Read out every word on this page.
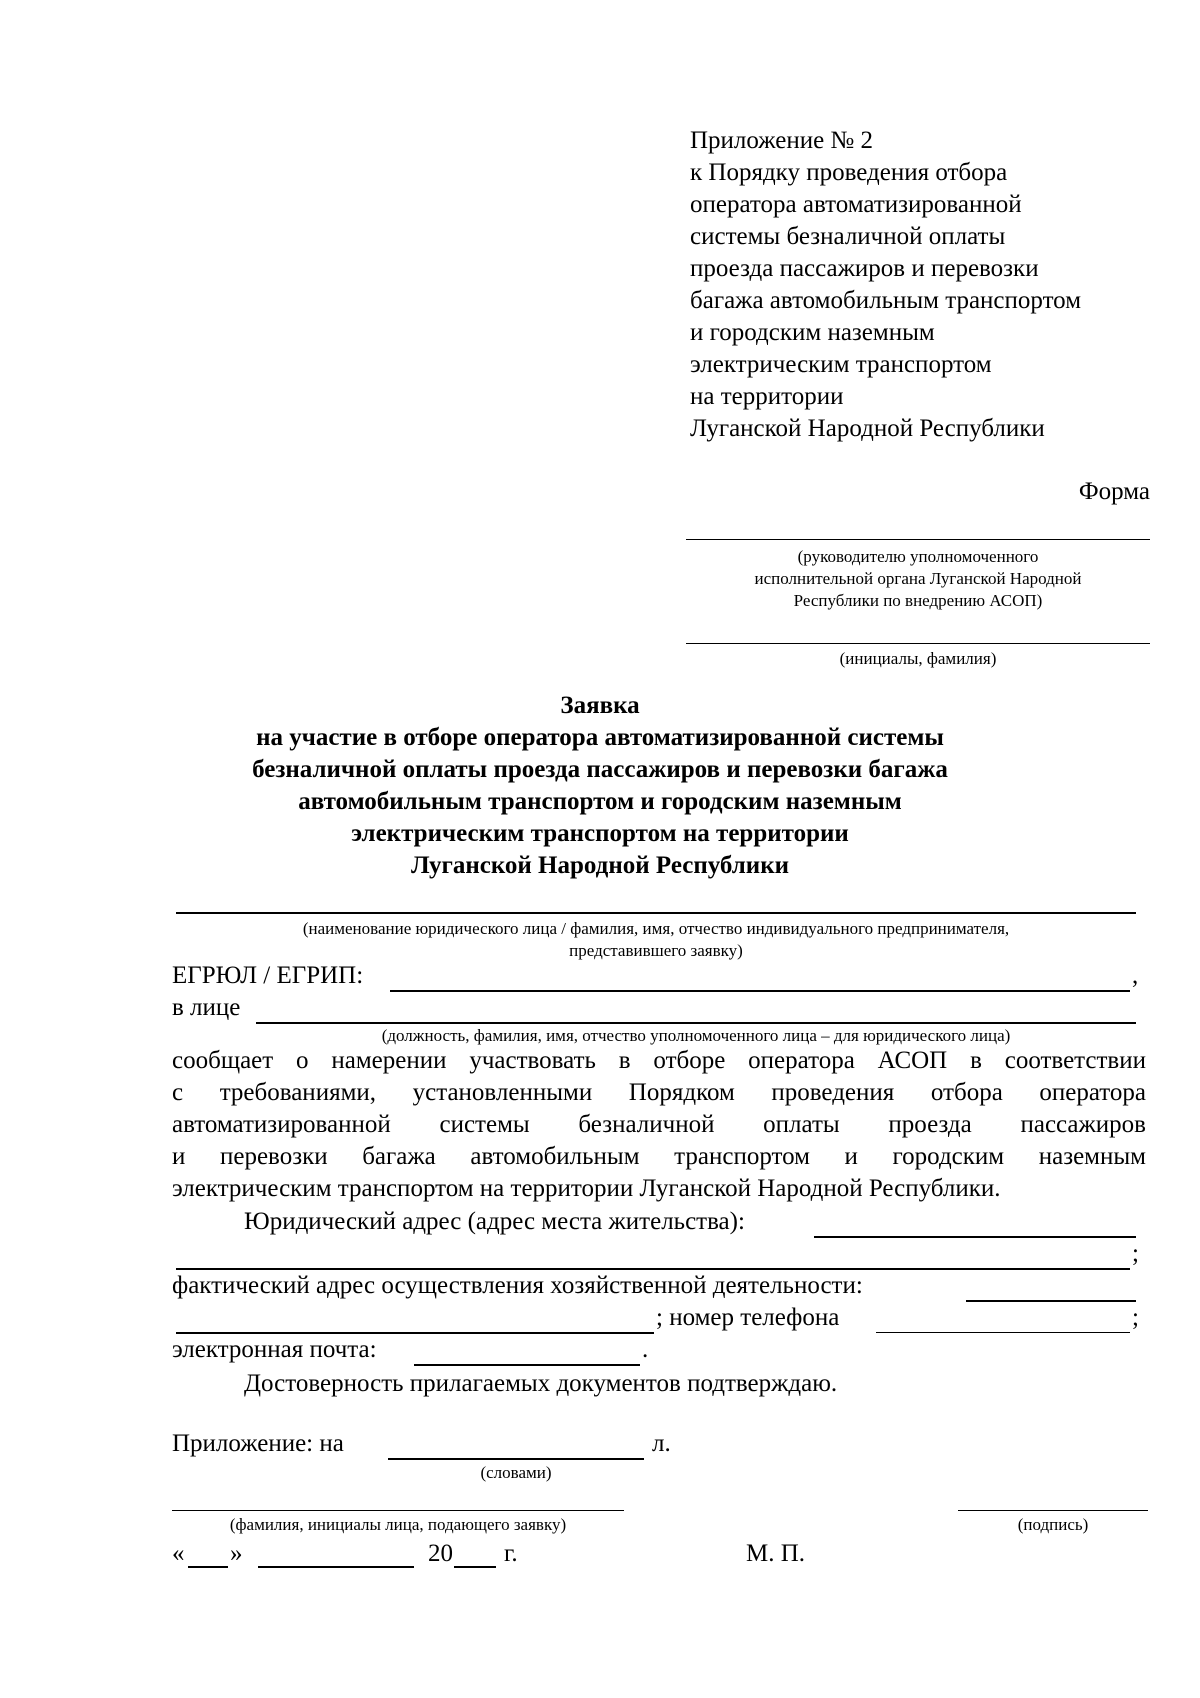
Приложение № 2
к Порядку проведения отбора
оператора автоматизированной
системы безналичной оплаты
проезда пассажиров и перевозки
багажа автомобильным транспортом
и городским наземным
электрическим транспортом
на территории
Луганской Народной Республики
Форма
(руководителю уполномоченного
исполнительной органа Луганской Народной
Республики по внедрению АСОП)
(инициалы, фамилия)
Заявка
на участие в отборе оператора автоматизированной системы
безналичной оплаты проезда пассажиров и перевозки багажа
автомобильным транспортом и городским наземным
электрическим транспортом на территории
Луганской Народной Республики
(наименование юридического лица / фамилия, имя, отчество индивидуального предпринимателя,
представившего заявку)
ЕГРЮЛ / ЕГРИП:	,
в лице
(должность, фамилия, имя, отчество уполномоченного лица – для юридического лица)
сообщает о намерении участвовать в отборе оператора АСОП в соответствии
с требованиями, установленными Порядком проведения отбора оператора
автоматизированной системы безналичной оплаты проезда пассажиров
и перевозки багажа автомобильным транспортом и городским наземным
электрическим транспортом на территории Луганской Народной Республики.
Юридический адрес (адрес места жительства):
;
фактический адрес осуществления хозяйственной деятельности:
; номер телефона	;
электронная почта:	.
Достоверность прилагаемых документов подтверждаю.
Приложение: на	л.
(словами)
(фамилия, инициалы лица, подающего заявку)	(подпись)
« »	20 г.	М. П.
